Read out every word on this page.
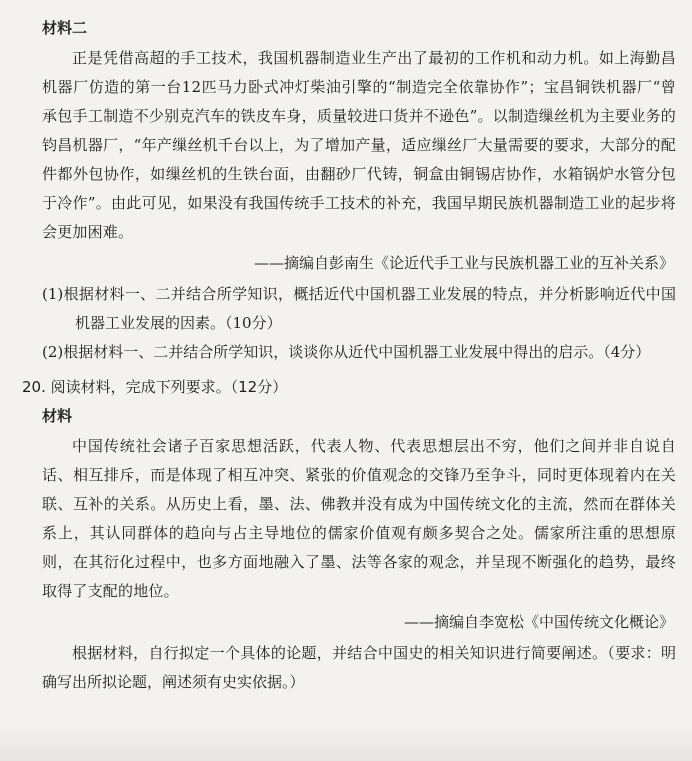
材料二

正是凭借高超的手工技术，我国机器制造业生产出了最初的工作机和动力机。如上海勤昌机器厂仿造的第一台12匹马力卧式冲灯柴油引擎的“制造完全依靠协作”；宝昌铜铁机器厂“曾承包手工制造不少别克汽车的铁皮车身，质量较进口货并不逊色”。以制造缫丝机为主要业务的钧昌机器厂，“年产缫丝机千台以上，为了增加产量，适应缫丝厂大量需要的要求，大部分的配件都外包协作，如缫丝机的生铁台面，由翻砂厂代铸，铜盒由铜锡店协作，水箱锅炉水管分包于冷作”。由此可见，如果没有我国传统手工技术的补充，我国早期民族机器制造工业的起步将会更加困难。

——摘编自彭南生《论近代手工业与民族机器工业的互补关系》

(1)根据材料一、二并结合所学知识，概括近代中国机器工业发展的特点，并分析影响近代中国机器工业发展的因素。（10分）

(2)根据材料一、二并结合所学知识，谈谈你从近代中国机器工业发展中得出的启示。（4分）

20. 阅读材料，完成下列要求。（12分）
材料

中国传统社会诸子百家思想活跃，代表人物、代表思想层出不穷，他们之间并非自说自话、相互排斥，而是体现了相互冲突、紧张的价值观念的交锋乃至争斗，同时更体现着内在关联、互补的关系。从历史上看，墨、法、佛教并没有成为中国传统文化的主流，然而在群体关系上，其认同群体的趋向与占主导地位的儒家价值观有颇多契合之处。儒家所注重的思想原则，在其衍化过程中，也多方面地融入了墨、法等各家的观念，并呈现不断强化的趋势，最终取得了支配的地位。

——摘编自李宽松《中国传统文化概论》

根据材料，自行拟定一个具体的论题，并结合中国史的相关知识进行简要阐述。（要求：明确写出所拟论题，阐述须有史实依据。）
